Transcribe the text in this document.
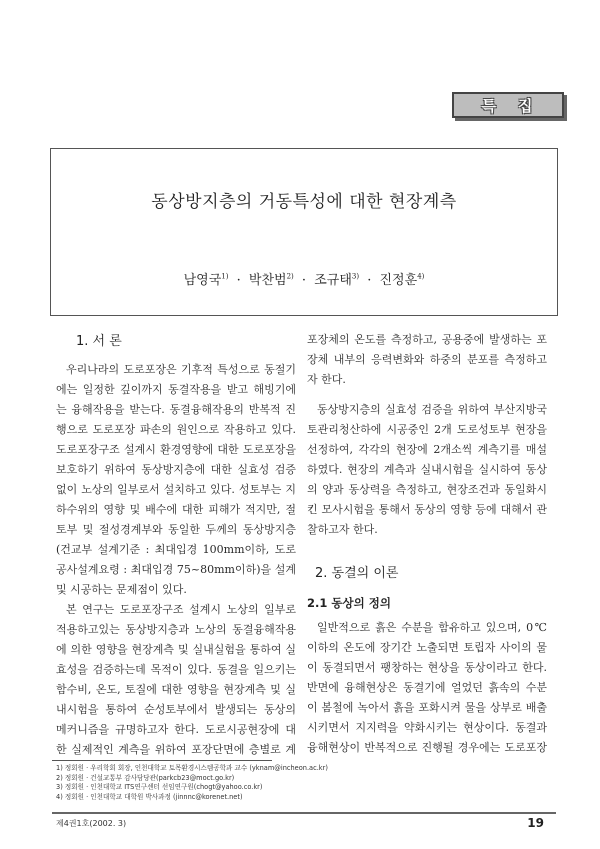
특집
동상방지층의 거동특성에 대한 현장계측
남영국$^{1)}$ · 박찬범$^{2)}$ · 조규태$^{3)}$ · 진정훈$^{4)}$
1. 서 론

우리나라의 도로포장은 기후적 특성으로 동절기에는 일정한 깊이까지 동결작용을 받고 해빙기에는 융해작용을 받는다. 동결융해작용의 반복적 진행으로 도로포장 파손의 원인으로 작용하고 있다. 도로포장구조 설계시 환경영향에 대한 도로포장을 보호하기 위하여 동상방지층에 대한 실효성 검증없이 노상의 일부로서 설치하고 있다. 성토부는 지하수위의 영향 및 배수에 대한 피해가 적지만, 절토부 및 절성경계부와 동일한 두께의 동상방지층(건교부 설계기준 : 최대입경 100mm이하, 도로공사설계요령 : 최대입경 75~80mm이하)을 설계 및 시공하는 문제점이 있다.

본 연구는 도로포장구조 설계시 노상의 일부로 적용하고있는 동상방지층과 노상의 동결융해작용에 의한 영향을 현장계측 및 실내실험을 통하여 실효성을 검증하는데 목적이 있다. 동결을 일으키는 함수비, 온도, 토질에 대한 영향을 현장계측 및 실내시험을 통하여 순성토부에서 발생되는 동상의 메커니즘을 규명하고자 한다. 도로시공현장에 대한 실제적인 계측을 위하여 포장단면에 층별로 계

포장체의 온도를 측정하고, 공용중에 발생하는 포장체 내부의 응력변화와 하중의 분포를 측정하고자 한다.

동상방지층의 실효성 검증을 위하여 부산지방국토관리청산하에 시공중인 2개 도로성토부 현장을 선정하여, 각각의 현장에 2개소씩 계측기를 매설하였다. 현장의 계측과 실내시험을 실시하여 동상의 양과 동상력을 측정하고, 현장조건과 동일화시킨 모사시험을 통해서 동상의 영향 등에 대해서 관찰하고자 한다.

2. 동결의 이론
2.1 동상의 정의

일반적으로 흙은 수분을 함유하고 있으며, 0℃이하의 온도에 장기간 노출되면 토립자 사이의 물이 동결되면서 팽창하는 현상을 동상이라고 한다. 반면에 융해현상은 동결기에 얼었던 흙속의 수분이 봄철에 녹아서 흙을 포화시켜 물을 상부로 배출시키면서 지지력을 약화시키는 현상이다. 동결과 융해현상이 반복적으로 진행될 경우에는 도로포장

1) 정회원 · 우리학회 회장, 인천대학교 토목환경시스템공학과 교수 (yknam@incheon.ac.kr)
2) 정회원 · 건설교통부 감사담당관(parkcb23@moct.go.kr)
3) 정회원 · 인천대학교 ITS연구센터 선임연구원(chogt@yahoo.co.kr)
4) 정회원 · 인천대학교 대학원 박사과정 (jinnnc@korenet.net)
제4권1호(2002. 3)	19
